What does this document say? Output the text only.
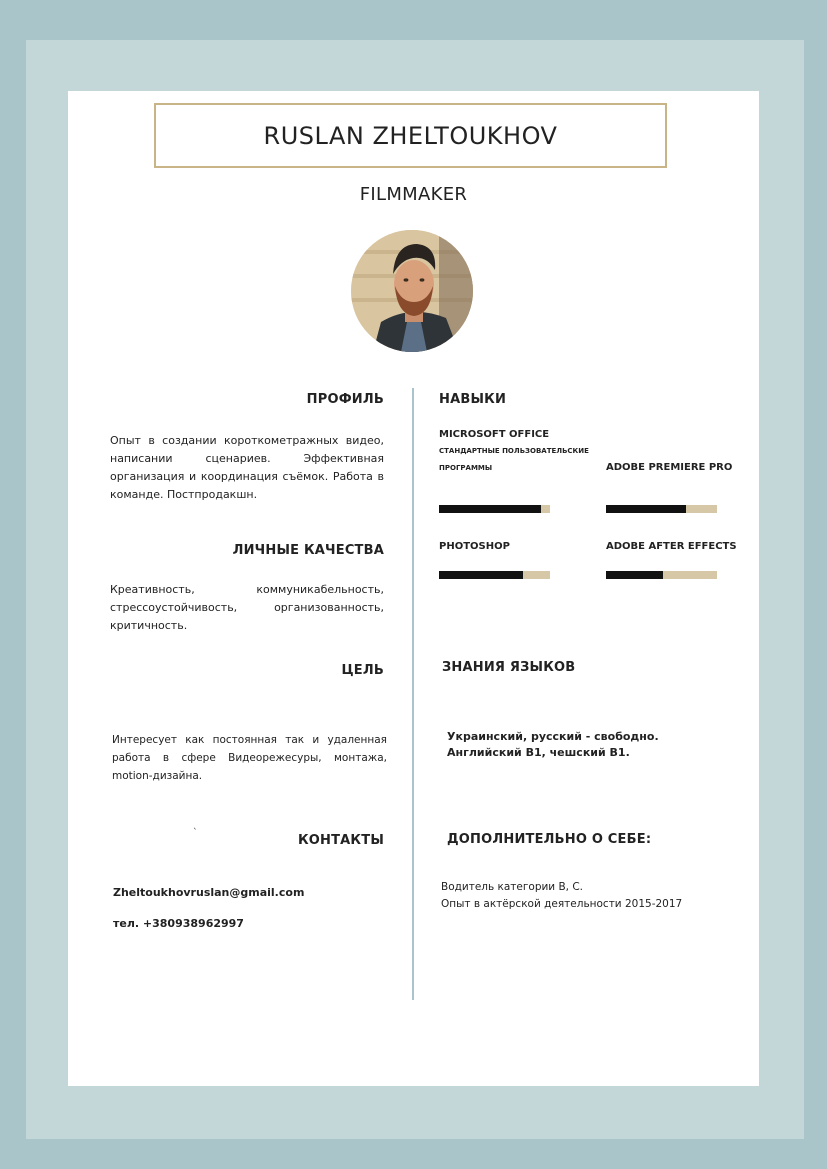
RUSLAN ZHELTOUKHOV
FILMMAKER
ПРОФИЛЬ
Опыт в создании короткометражных видео, написании сценариев. Эффективная организация и координация съёмок. Работа в команде. Постпродакшн.
ЛИЧНЫЕ КАЧЕСТВА
Креативность, коммуникабельность, стрессоустойчивость, организованность, критичность.
ЦЕЛЬ
Интересует как постоянная так и удаленная работа в сфере Видеорежесуры, монтажа, motion-дизайна.
`	КОНТАКТЫ
Zheltoukhovruslan@gmail.com
тел. +380938962997
НАВЫКИ
MICROSOFT OFFICE
СТАНДАРТНЫЕ ПОЛЬЗОВАТЕЛЬСКИЕ ПРОГРАММЫ	ADOBE PREMIERE PRO
PHOTOSHOP	ADOBE AFTER EFFECTS
ЗНАНИЯ ЯЗЫКОВ
Украинский, русский - свободно.
Английский В1, чешский В1.
ДОПОЛНИТЕЛЬНО О СЕБЕ:
Водитель категории В, С.
Опыт в актёрской деятельности 2015-2017
